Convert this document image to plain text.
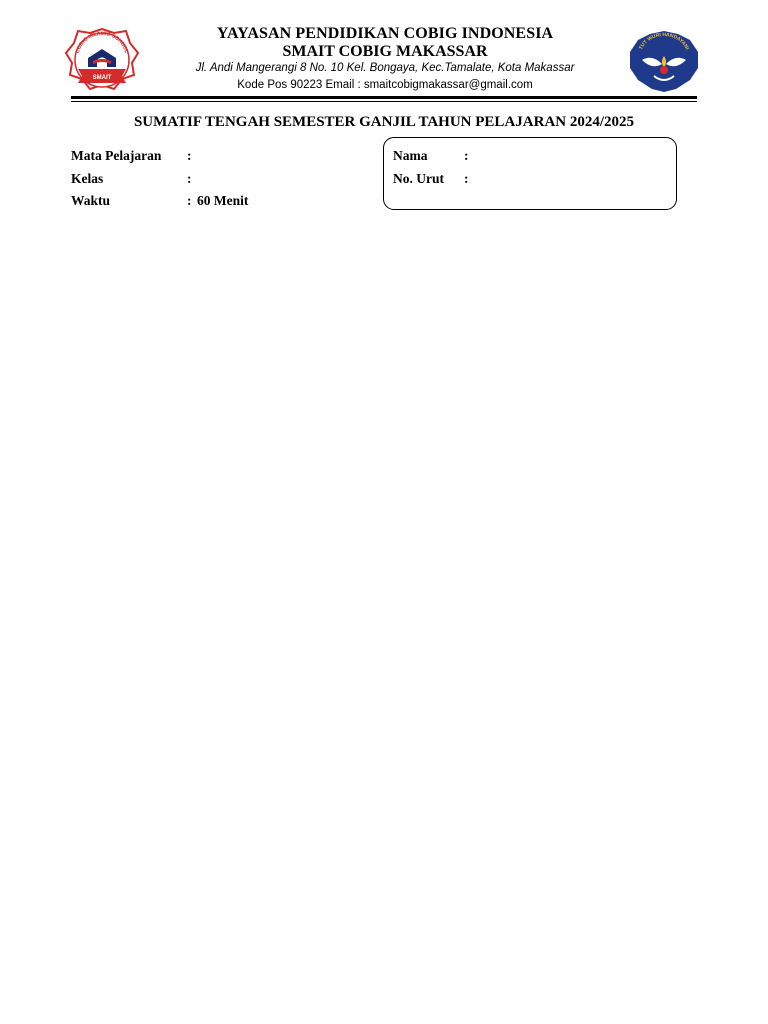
COBIG ISLAMIC SCHOOL
SMAIT
YAYASAN PENDIDIKAN COBIG INDONESIA
SMAIT COBIG MAKASSAR
Jl. Andi Mangerangi 8 No. 10 Kel. Bongaya, Kec.Tamalate, Kota Makassar
Kode Pos 90223 Email : smaitcobigmakassar@gmail.com
TUT WURI HANDAYANI
SUMATIF TENGAH SEMESTER GANJIL TAHUN PELAJARAN 2024/2025
Mata Pelajaran :
Kelas	:
Waktu	: 60 Menit
Nama	:
No. Urut :
